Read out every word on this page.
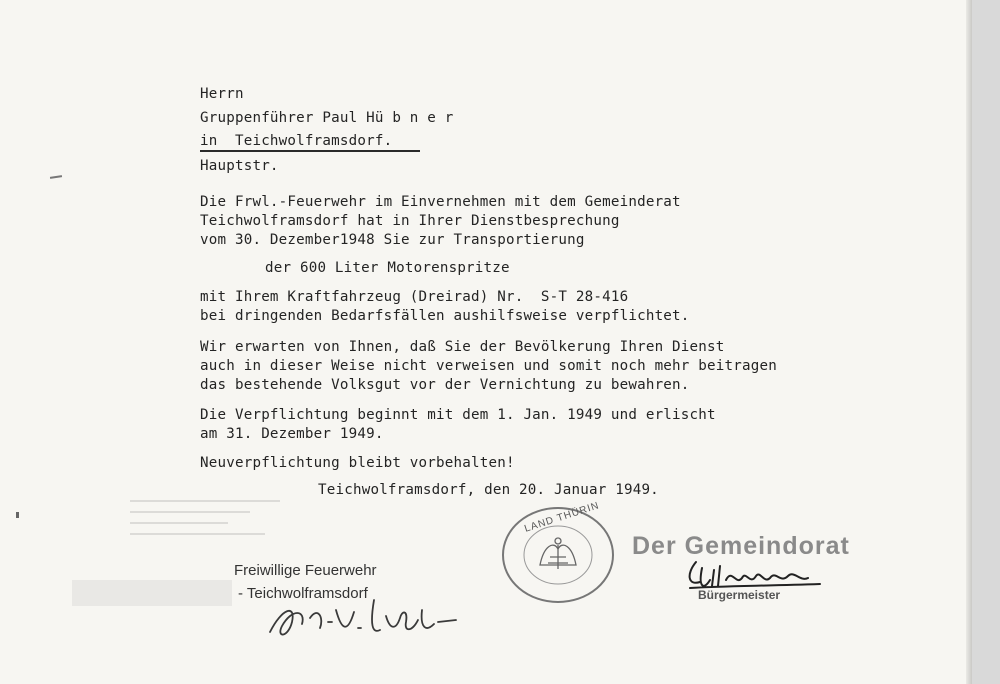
Herrn
Gruppenführer Paul Hü b n e r
in  Teichwolframsdorf.
Hauptstr.
Die Frwl.-Feuerwehr im Einvernehmen mit dem Gemeinderat
Teichwolframsdorf hat in Ihrer Dienstbesprechung
vom 30. Dezember1948 Sie zur Transportierung
der 600 Liter Motorenspritze
mit Ihrem Kraftfahrzeug (Dreirad) Nr.  S-T 28-416
bei dringenden Bedarfsfällen aushilfsweise verpflichtet.
Wir erwarten von Ihnen, daß Sie der Bevölkerung Ihren Dienst
auch in dieser Weise nicht verweisen und somit noch mehr beitragen
das bestehende Volksgut vor der Vernichtung zu bewahren.
Die Verpflichtung beginnt mit dem 1. Jan. 1949 und erlischt
am 31. Dezember 1949.
Neuverpflichtung bleibt vorbehalten!
Teichwolframsdorf, den 20. Januar 1949.
Freiwillige Feuerwehr
- Teichwolframsdorf
LAND THÜRIN
Der Gemeindorat
Bürgermeister
